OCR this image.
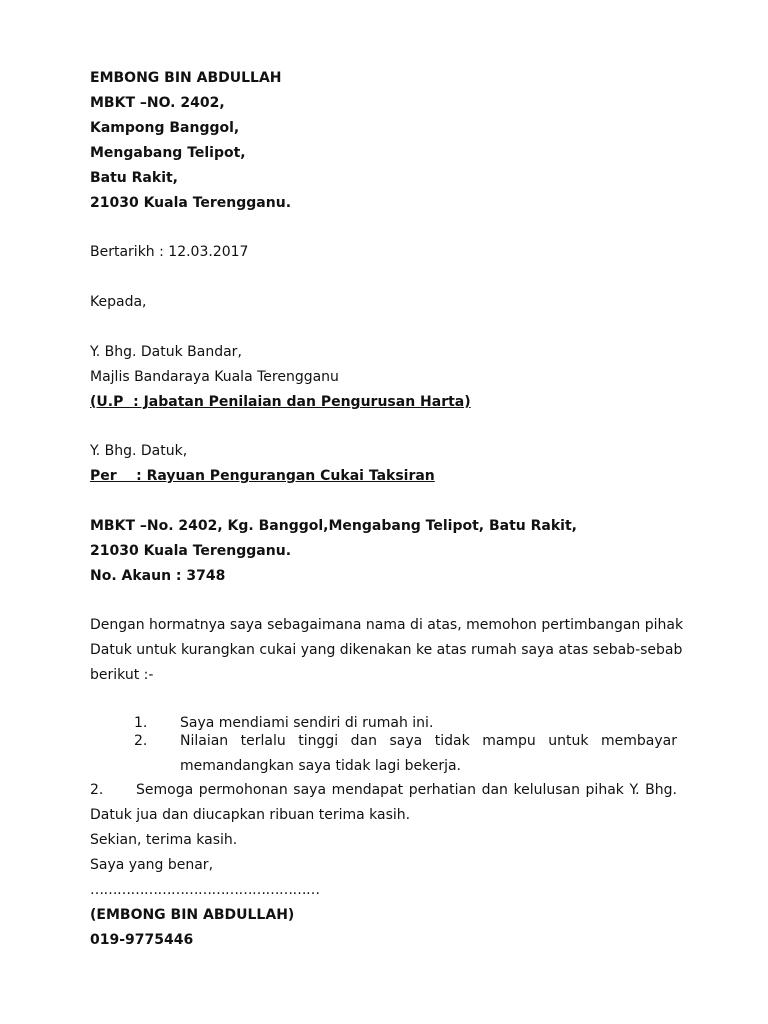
EMBONG BIN ABDULLAH
MBKT –NO. 2402,
Kampong Banggol,
Mengabang Telipot,
Batu Rakit,
21030 Kuala Terengganu.
Bertarikh : 12.03.2017
Kepada,
Y. Bhg. Datuk Bandar,
Majlis Bandaraya Kuala Terengganu
(U.P  : Jabatan Penilaian dan Pengurusan Harta)
Y. Bhg. Datuk,
Per    : Rayuan Pengurangan Cukai Taksiran
MBKT –No. 2402, Kg. Banggol,Mengabang Telipot, Batu Rakit,
21030 Kuala Terengganu.
No. Akaun : 3748
Dengan hormatnya saya sebagaimana nama di atas, memohon pertimbangan pihak
Datuk untuk kurangkan cukai yang dikenakan ke atas rumah saya atas sebab-sebab
berikut :-
1. Saya mendiami sendiri di rumah ini.
2. Nilaian terlalu tinggi dan saya tidak mampu untuk membayar
memandangkan saya tidak lagi bekerja.
2. Semoga permohonan saya mendapat perhatian dan kelulusan pihak Y. Bhg.
Datuk jua dan diucapkan ribuan terima kasih.
Sekian, terima kasih.
Saya yang benar,
……………………………………………
(EMBONG BIN ABDULLAH)
019-9775446
